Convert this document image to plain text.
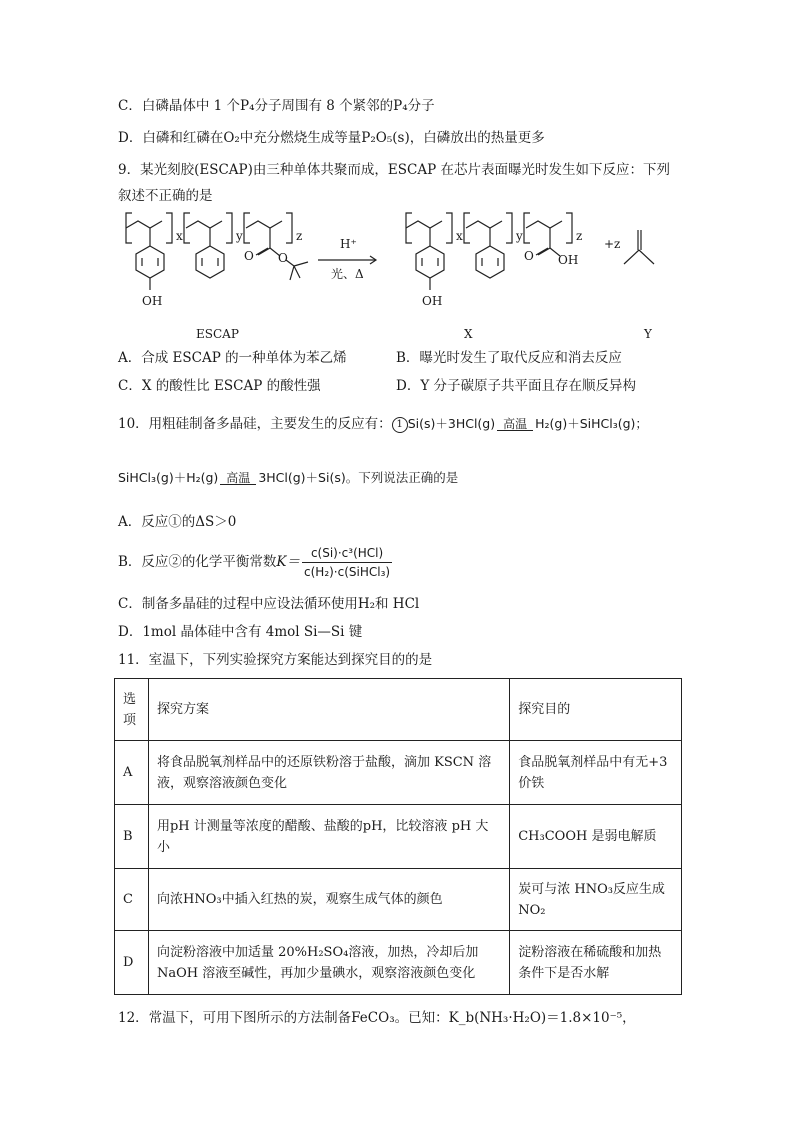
C．白磷晶体中 1 个P₄分子周围有 8 个紧邻的P₄分子
D．白磷和红磷在O₂中充分燃烧生成等量P₂O₅(s)，白磷放出的热量更多
9．某光刻胶(ESCAP)由三种单体共聚而成，ESCAP 在芯片表面曝光时发生如下反应：下列
叙述不正确的是
x	y	z
OH
O O
H⁺
光、Δ
x	y	z
OH
O OH
+z
ESCAP	X	Y
A．合成 ESCAP 的一种单体为苯乙烯	B．曝光时发生了取代反应和消去反应
C．X 的酸性比 ESCAP 的酸性强	D．Y 分子碳原子共平面且存在顺反异构
10．用粗硅制备多晶硅，主要发生的反应有： 1 Si(s)＋3HCl(g) 高温 H₂(g)＋SiHCl₃(g)；
SiHCl₃(g)＋H₂(g) 高温 3HCl(g)＋Si(s)。下列说法正确的是
A．反应①的ΔS＞0
B．反应②的化学平衡常数$K= \frac{\text{c(Si)·c³(HCl)}}{\text{c(H₂)·c(SiHCl₃)}}$
C．制备多晶硅的过程中应设法循环使用H₂和 HCl
D．1mol 晶体硅中含有 4mol Si—Si 键
11．室温下，下列实验探究方案能达到探究目的的是
选项	探究方案	探究目的
A	将食品脱氧剂样品中的还原铁粉溶于盐酸，滴加 KSCN 溶液，观察溶液颜色变化	食品脱氧剂样品中有无+3 价铁
B	用pH 计测量等浓度的醋酸、盐酸的pH，比较溶液 pH 大小	CH₃COOH 是弱电解质
C	向浓HNO₃中插入红热的炭，观察生成气体的颜色	炭可与浓 HNO₃反应生成 NO₂
D	向淀粉溶液中加适量 20%H₂SO₄溶液，加热，冷却后加 NaOH 溶液至碱性，再加少量碘水，观察溶液颜色变化	淀粉溶液在稀硫酸和加热条件下是否水解
12．常温下，可用下图所示的方法制备FeCO₃。已知：K_b(NH₃·H₂O)＝1.8×10⁻⁵，
